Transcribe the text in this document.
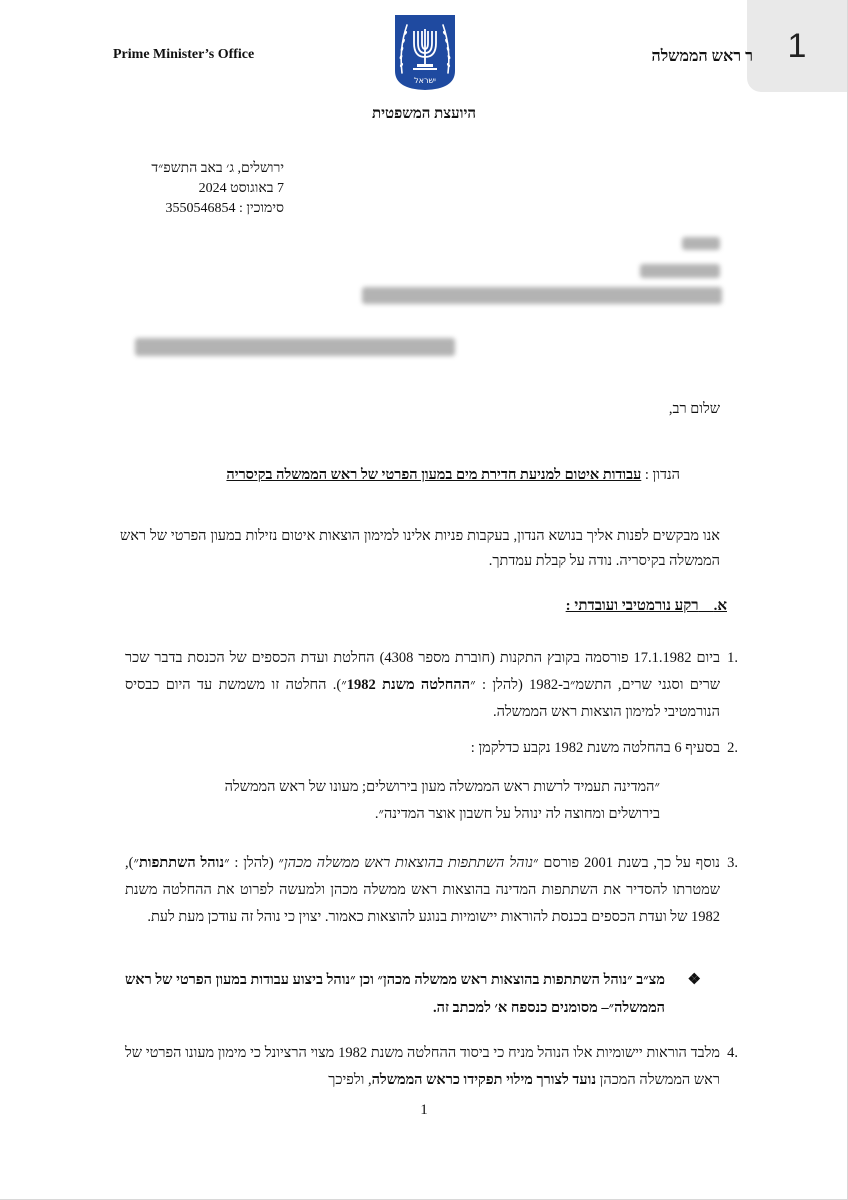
1
Prime Minister’s Office	ר ראש הממשלה
ישראל
היועצת המשפטית
ירושלים, ג׳ באב התשפ״ד
7 באוגוסט 2024
סימוכין : 3550546854
שלום רב,
הנדון : עבודות איטום למניעת חדירת מים במעון הפרטי של ראש הממשלה בקיסריה
אנו מבקשים לפנות אליך בנושא הנדון, בעקבות פניות אלינו למימון הוצאות איטום נזילות במעון הפרטי של ראש הממשלה בקיסריה. נודה על קבלת עמדתך.
א.    רקע נורמטיבי ועובדתי :
.1
ביום 17.1.1982 פורסמה בקובץ התקנות (חוברת מספר 4308) החלטת ועדת הכספים של הכנסת בדבר שכר שרים וסגני שרים, התשמ״ב-1982 (להלן : ״ההחלטה משנת 1982״). החלטה זו משמשת עד היום כבסיס הנורמטיבי למימון הוצאות ראש הממשלה.
.2
בסעיף 6 בהחלטה משנת 1982 נקבע כדלקמן :
״המדינה תעמיד לרשות ראש הממשלה מעון בירושלים; מעונו של ראש הממשלה בירושלים ומחוצה לה ינוהל על חשבון אוצר המדינה״.
.3
נוסף על כך, בשנת 2001 פורסם ״נוהל השתתפות בהוצאות ראש ממשלה מכהן״ (להלן : ״נוהל השתתפות״), שמטרתו להסדיר את השתתפות המדינה בהוצאות ראש ממשלה מכהן ולמעשה לפרוט את ההחלטה משנת 1982 של ועדת הכספים בכנסת להוראות יישומיות בנוגע להוצאות כאמור. יצוין כי נוהל זה עודכן מעת לעת.
❖
מצ״ב ״נוהל השתתפות בהוצאות ראש ממשלה מכהן״ וכן ״נוהל ביצוע עבודות במעון הפרטי של ראש הממשלה״– מסומנים כנספח א׳ למכתב זה.
.4
מלבד הוראות יישומיות אלו הנוהל מניח כי ביסוד ההחלטה משנת 1982 מצוי הרציונל כי מימון מעונו הפרטי של ראש הממשלה המכהן נועד לצורך מילוי תפקידו כראש הממשלה, ולפיכך
1
